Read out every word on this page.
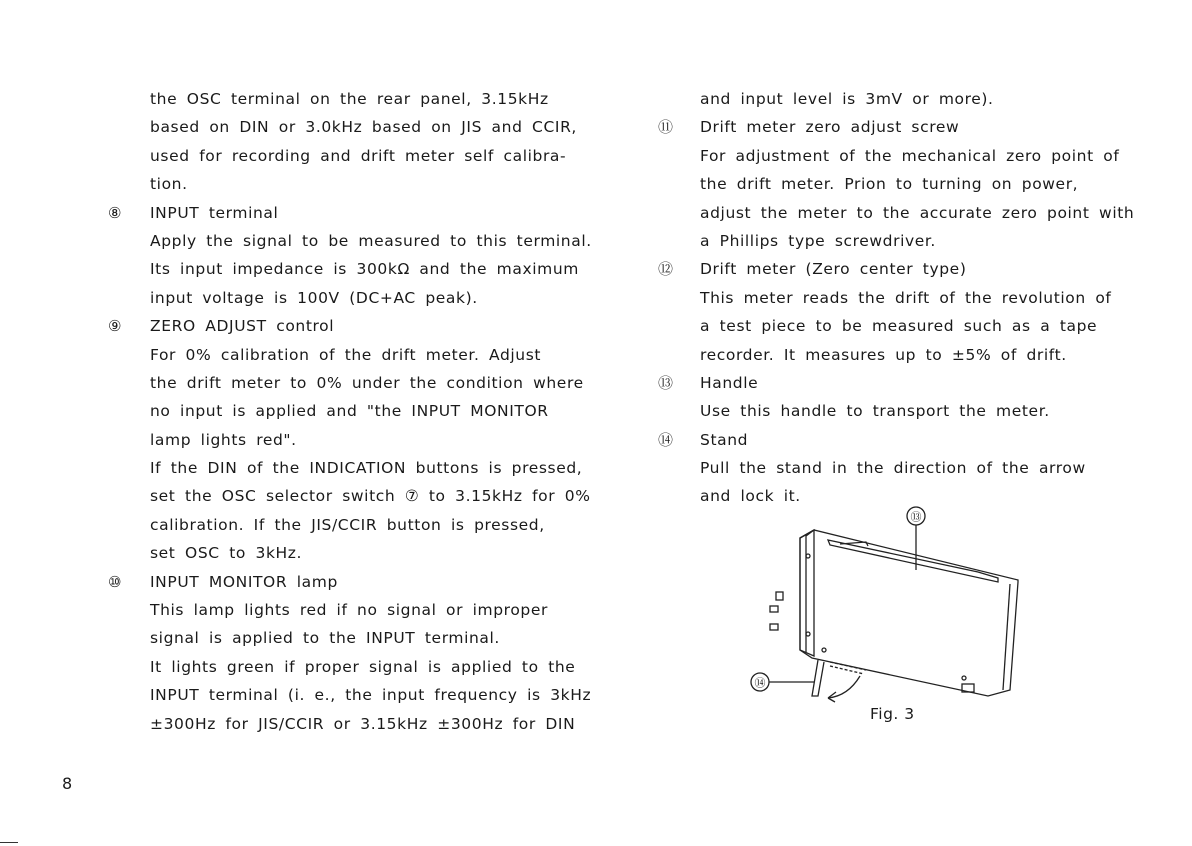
the OSC terminal on the rear panel, 3.15kHz
based on DIN or 3.0kHz based on JIS and CCIR,
used for recording and drift meter self calibra-
tion.
⑧ INPUT terminal
Apply the signal to be measured to this terminal.
Its input impedance is 300kΩ and the maximum
input voltage is 100V (DC+AC peak).
⑨ ZERO ADJUST control
For 0% calibration of the drift meter. Adjust
the drift meter to 0% under the condition where
no input is applied and "the INPUT MONITOR
lamp lights red".
If the DIN of the INDICATION buttons is pressed,
set the OSC selector switch ⑦ to 3.15kHz for 0%
calibration. If the JIS/CCIR button is pressed,
set OSC to 3kHz.
⑩ INPUT MONITOR lamp
This lamp lights red if no signal or improper
signal is applied to the INPUT terminal.
It lights green if proper signal is applied to the
INPUT terminal (i. e., the input frequency is 3kHz
±300Hz for JIS/CCIR or 3.15kHz ±300Hz for DIN
and input level is 3mV or more).
⑪ Drift meter zero adjust screw
For adjustment of the mechanical zero point of
the drift meter. Prion to turning on power,
adjust the meter to the accurate zero point with
a Phillips type screwdriver.
⑫ Drift meter (Zero center type)
This meter reads the drift of the revolution of
a test piece to be measured such as a tape
recorder. It measures up to ±5% of drift.
⑬ Handle
Use this handle to transport the meter.
⑭ Stand
Pull the stand in the direction of the arrow
and lock it.
⑬
⑭
Fig. 3
8
